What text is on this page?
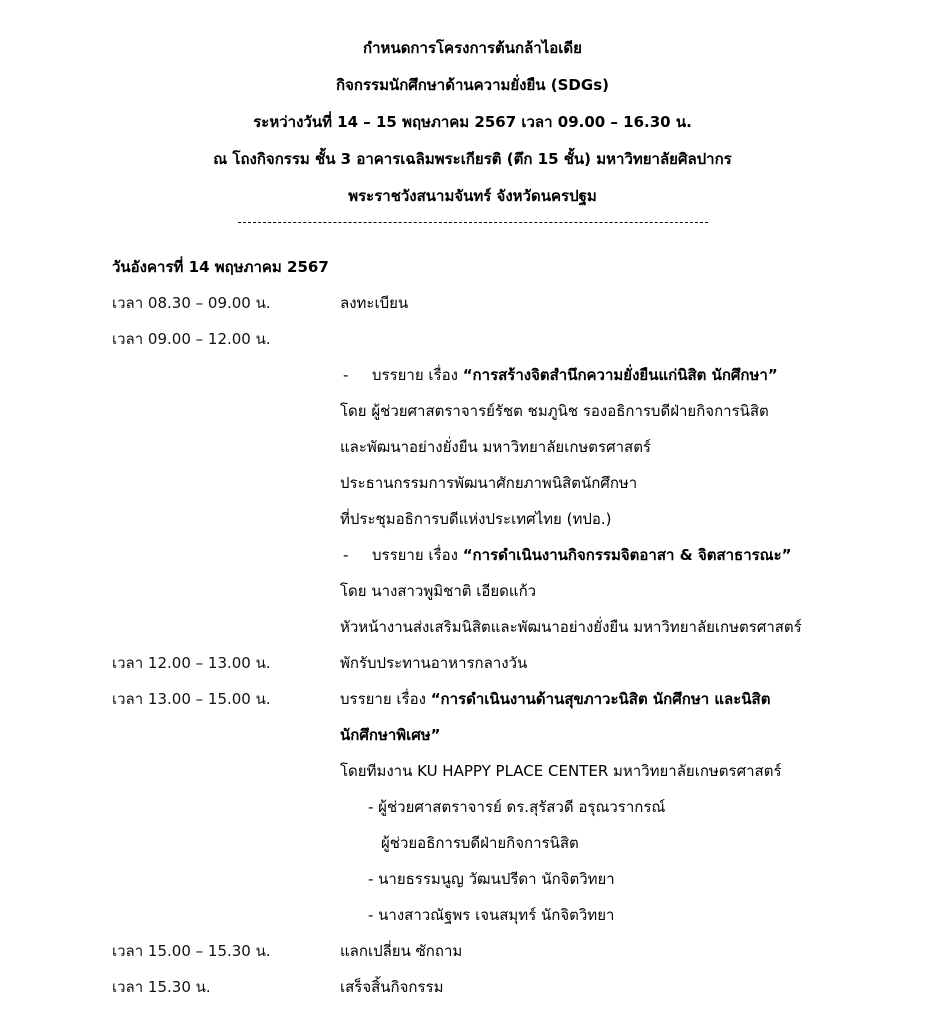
กำหนดการโครงการต้นกล้าไอเดีย
กิจกรรมนักศึกษาด้านความยั่งยืน (SDGs)
ระหว่างวันที่ 14 – 15 พฤษภาคม 2567 เวลา 09.00 – 16.30 น.
ณ โถงกิจกรรม ชั้น 3 อาคารเฉลิมพระเกียรติ (ตึก 15 ชั้น) มหาวิทยาลัยศิลปากร
พระราชวังสนามจันทร์ จังหวัดนครปฐม
วันอังคารที่ 14 พฤษภาคม 2567
เวลา 08.30 – 09.00 น.	ลงทะเบียน
เวลา 09.00 – 12.00 น.
- บรรยาย เรื่อง “การสร้างจิตสำนึกความยั่งยืนแก่นิสิต นักศึกษา”
โดย ผู้ช่วยศาสตราจารย์รัชต ชมภูนิช รองอธิการบดีฝ่ายกิจการนิสิต
และพัฒนาอย่างยั่งยืน มหาวิทยาลัยเกษตรศาสตร์
ประธานกรรมการพัฒนาศักยภาพนิสิตนักศึกษา
ที่ประชุมอธิการบดีแห่งประเทศไทย (ทปอ.)
- บรรยาย เรื่อง “การดำเนินงานกิจกรรมจิตอาสา & จิตสาธารณะ”
โดย นางสาวพูมิชาติ เอียดแก้ว
หัวหน้างานส่งเสริมนิสิตและพัฒนาอย่างยั่งยืน มหาวิทยาลัยเกษตรศาสตร์
เวลา 12.00 – 13.00 น.	พักรับประทานอาหารกลางวัน
เวลา 13.00 – 15.00 น.	บรรยาย เรื่อง “การดำเนินงานด้านสุขภาวะนิสิต นักศึกษา และนิสิต
นักศึกษาพิเศษ”
โดยทีมงาน KU HAPPY PLACE CENTER มหาวิทยาลัยเกษตรศาสตร์
- ผู้ช่วยศาสตราจารย์ ดร.สุรัสวดี อรุณวรากรณ์
ผู้ช่วยอธิการบดีฝ่ายกิจการนิสิต
- นายธรรมนูญ วัฒนปรีดา นักจิตวิทยา
- นางสาวณัฐพร เจนสมุทร์ นักจิตวิทยา
เวลา 15.00 – 15.30 น.	แลกเปลี่ยน ซักถาม
เวลา 15.30 น.	เสร็จสิ้นกิจกรรม
